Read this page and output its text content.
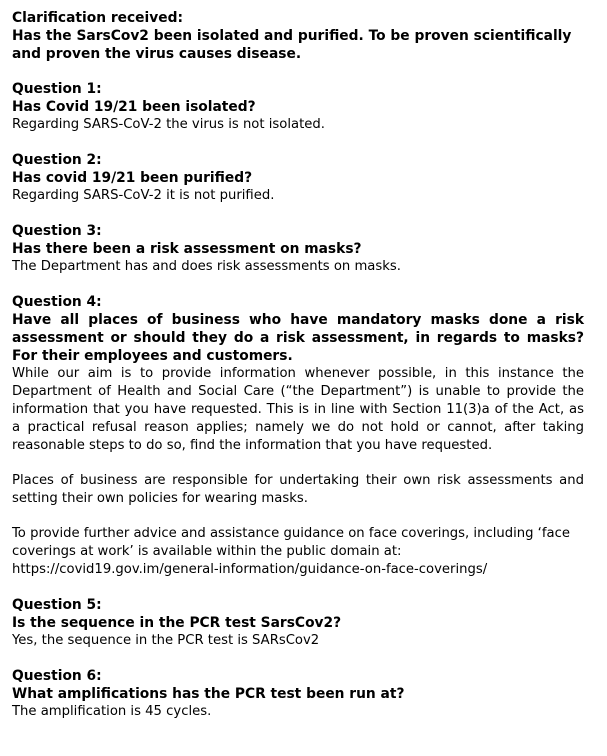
Clarification received:

Has the SarsCov2 been isolated and purified. To be proven scientifically and proven the virus causes disease.

Question 1:

Has Covid 19/21 been isolated?

Regarding SARS-CoV-2 the virus is not isolated.

Question 2:

Has covid 19/21 been purified?

Regarding SARS-CoV-2 it is not purified.

Question 3:

Has there been a risk assessment on masks?

The Department has and does risk assessments on masks.

Question 4:

Have all places of business who have mandatory masks done a risk assessment or should they do a risk assessment, in regards to masks? For their employees and customers.

While our aim is to provide information whenever possible, in this instance the Department of Health and Social Care (“the Department”) is unable to provide the information that you have requested. This is in line with Section 11(3)a of the Act, as a practical refusal reason applies; namely we do not hold or cannot, after taking reasonable steps to do so, find the information that you have requested.

Places of business are responsible for undertaking their own risk assessments and setting their own policies for wearing masks.

To provide further advice and assistance guidance on face coverings, including ‘face coverings at work’ is available within the public domain at:

https://covid19.gov.im/general-information/guidance-on-face-coverings/

Question 5:

Is the sequence in the PCR test SarsCov2?

Yes, the sequence in the PCR test is SARsCov2

Question 6:

What amplifications has the PCR test been run at?

The amplification is 45 cycles.
